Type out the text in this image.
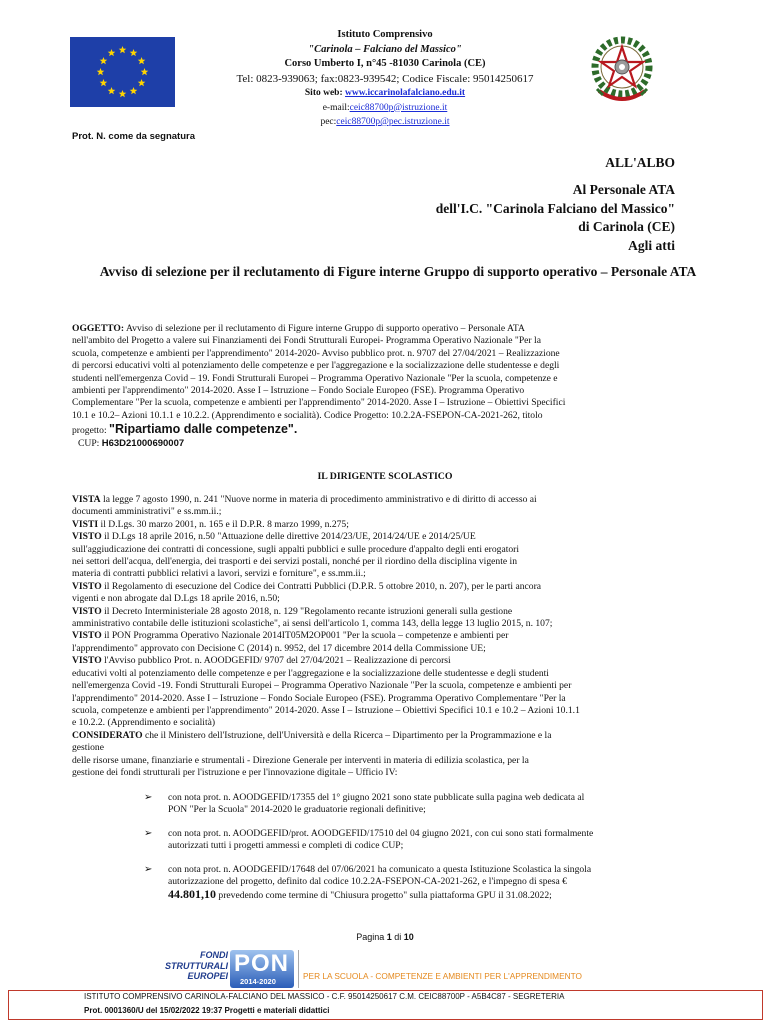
Istituto Comprensivo
"Carinola – Falciano del Massico"
Corso Umberto I, n°45 -81030 Carinola (CE)
Tel: 0823-939063; fax:0823-939542; Codice Fiscale: 95014250617
Sito web: www.iccarinolafalciano.edu.it
e-mail:ceic88700p@istruzione.it
pec:ceic88700p@pec.istruzione.it
Prot. N. come da segnatura
ALL'ALBO
Al Personale ATA
dell'I.C. "Carinola Falciano del Massico"
di Carinola (CE)
Agli atti
Avviso di selezione per il reclutamento di Figure interne Gruppo di supporto operativo – Personale ATA
OGGETTO: Avviso di selezione per il reclutamento di Figure interne Gruppo di supporto operativo – Personale ATA
nell'ambito del Progetto a valere sui Finanziamenti dei Fondi Strutturali Europei- Programma Operativo Nazionale "Per la
scuola, competenze e ambienti per l'apprendimento" 2014-2020- Avviso pubblico prot. n. 9707 del 27/04/2021 – Realizzazione
di percorsi educativi volti al potenziamento delle competenze e per l'aggregazione e la socializzazione delle studentesse e degli
studenti nell'emergenza Covid – 19. Fondi Strutturali Europei – Programma Operativo Nazionale "Per la scuola, competenze e
ambienti per l'apprendimento" 2014-2020. Asse I – Istruzione – Fondo Sociale Europeo (FSE). Programma Operativo
Complementare "Per la scuola, competenze e ambienti per l'apprendimento" 2014-2020. Asse I – Istruzione – Obiettivi Specifici
10.1 e 10.2– Azioni 10.1.1 e 10.2.2. (Apprendimento e socialità). Codice Progetto: 10.2.2A-FSEPON-CA-2021-262, titolo
progetto: "Ripartiamo dalle competenze".
CUP: H63D21000690007
IL DIRIGENTE SCOLASTICO
VISTA la legge 7 agosto 1990, n. 241 "Nuove norme in materia di procedimento amministrativo e di diritto di accesso ai
documenti amministrativi" e ss.mm.ii.;
VISTI il D.Lgs. 30 marzo 2001, n. 165 e il D.P.R. 8 marzo 1999, n.275;
VISTO il D.Lgs 18 aprile 2016, n.50 "Attuazione delle direttive 2014/23/UE, 2014/24/UE e 2014/25/UE
sull'aggiudicazione dei contratti di concessione, sugli appalti pubblici e sulle procedure d'appalto degli enti erogatori
nei settori dell'acqua, dell'energia, dei trasporti e dei servizi postali, nonché per il riordino della disciplina vigente in
materia di contratti pubblici relativi a lavori, servizi e forniture", e ss.mm.ii.;
VISTO il Regolamento di esecuzione del Codice dei Contratti Pubblici (D.P.R. 5 ottobre 2010, n. 207), per le parti ancora
vigenti e non abrogate dal D.Lgs 18 aprile 2016, n.50;
VISTO il Decreto Interministeriale 28 agosto 2018, n. 129 "Regolamento recante istruzioni generali sulla gestione
amministrativo contabile delle istituzioni scolastiche", ai sensi dell'articolo 1, comma 143, della legge 13 luglio 2015, n. 107;
VISTO il PON Programma Operativo Nazionale 2014IT05M2OP001 "Per la scuola – competenze e ambienti per
l'apprendimento" approvato con Decisione C (2014) n. 9952, del 17 dicembre 2014 della Commissione UE;
VISTO l'Avviso pubblico Prot. n. AOODGEFID/ 9707 del 27/04/2021 – Realizzazione di percorsi
educativi volti al potenziamento delle competenze e per l'aggregazione e la socializzazione delle studentesse e degli studenti
nell'emergenza Covid -19. Fondi Strutturali Europei – Programma Operativo Nazionale "Per la scuola, competenze e ambienti per
l'apprendimento" 2014-2020. Asse I – Istruzione – Fondo Sociale Europeo (FSE). Programma Operativo Complementare "Per la
scuola, competenze e ambienti per l'apprendimento" 2014-2020. Asse I – Istruzione – Obiettivi Specifici 10.1 e 10.2 – Azioni 10.1.1
e 10.2.2. (Apprendimento e socialità)
CONSIDERATO che il Ministero dell'Istruzione, dell'Università e della Ricerca – Dipartimento per la Programmazione e la
gestione
delle risorse umane, finanziarie e strumentali - Direzione Generale per interventi in materia di edilizia scolastica, per la
gestione dei fondi strutturali per l'istruzione e per l'innovazione digitale – Ufficio IV:
➢	con nota prot. n. AOODGEFID/17355 del 1° giugno 2021 sono state pubblicate sulla pagina web dedicata al
PON "Per la Scuola" 2014-2020 le graduatorie regionali definitive;
➢	con nota prot. n. AOODGEFID/prot. AOODGEFID/17510 del 04 giugno 2021, con cui sono stati formalmente
autorizzati tutti i progetti ammessi e completi di codice CUP;
➢	con nota prot. n. AOODGEFID/17648 del 07/06/2021 ha comunicato a questa Istituzione Scolastica la singola
autorizzazione del progetto, definito dal codice 10.2.2A-FSEPON-CA-2021-262, e l'impegno di spesa €
44.801,10 prevedendo come termine di "Chiusura progetto" sulla piattaforma GPU il 31.08.2022;
Pagina 1 di 10
FONDI
STRUTTURALI
EUROPEI PON
2014-2020
PER LA SCUOLA - COMPETENZE E AMBIENTI PER L'APPRENDIMENTO
ISTITUTO COMPRENSIVO CARINOLA-FALCIANO DEL MASSICO - C.F. 95014250617 C.M. CEIC88700P - A5B4C87 - SEGRETERIA
Prot. 0001360/U del 15/02/2022 19:37 Progetti e materiali didattici
